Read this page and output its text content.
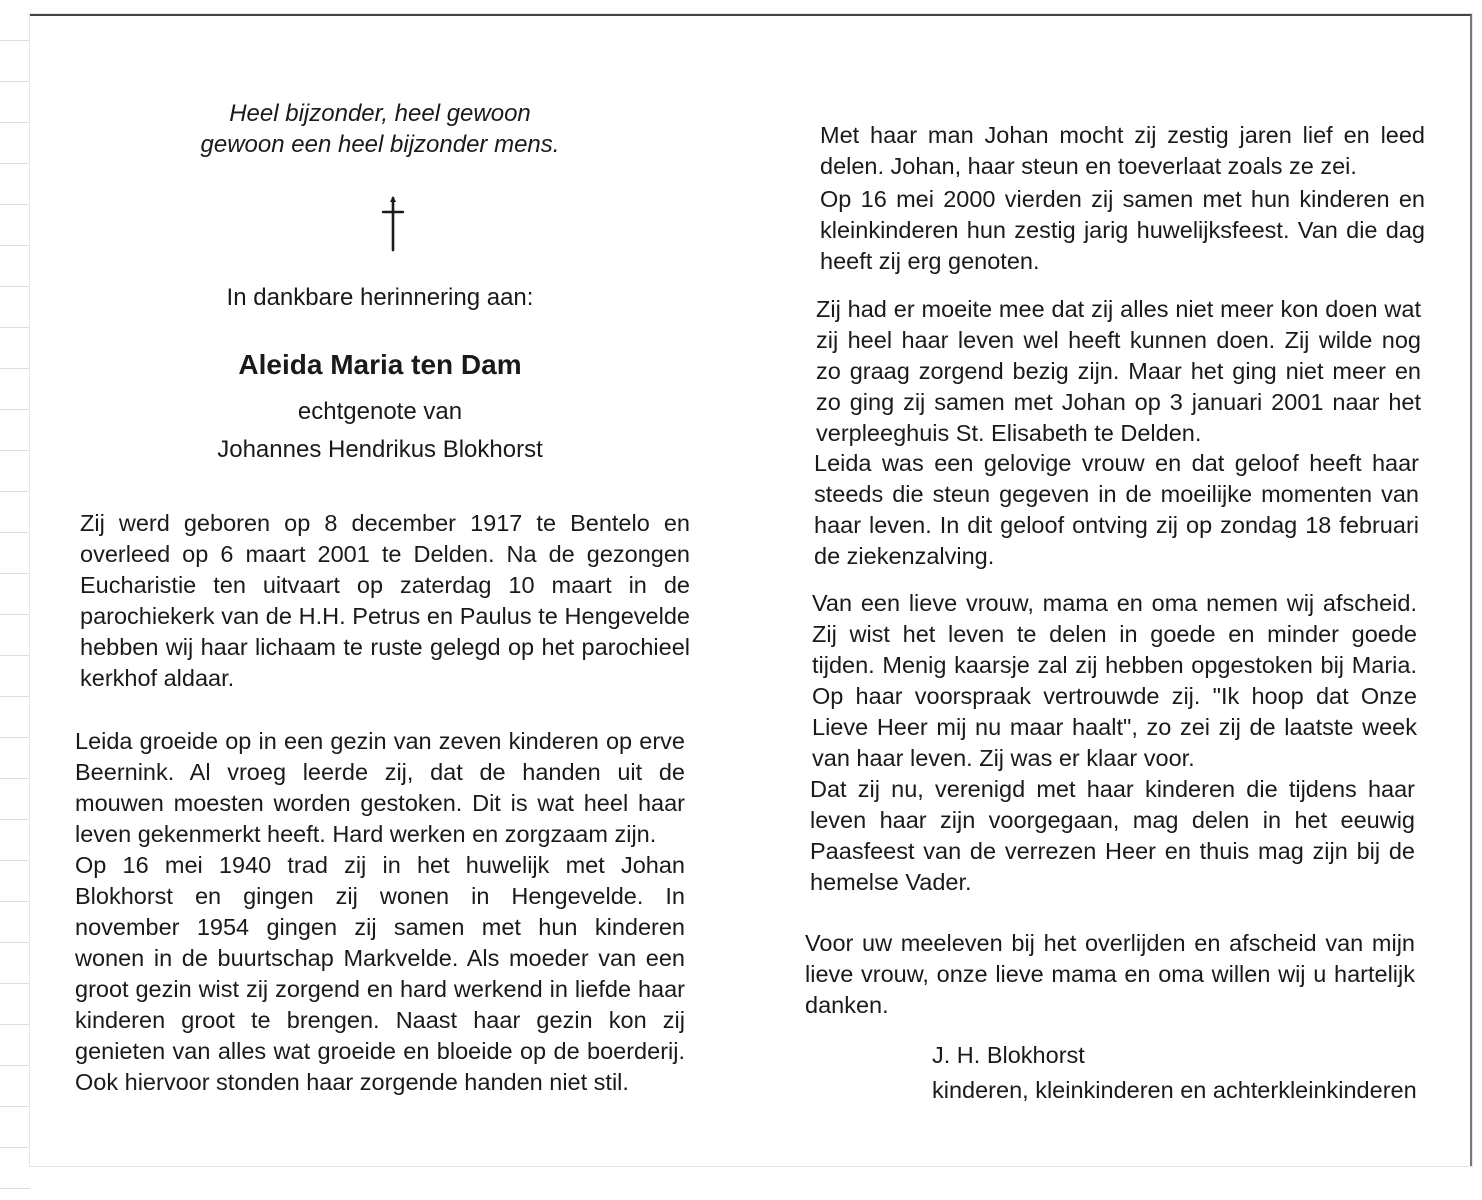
Heel bijzonder, heel gewoon
gewoon een heel bijzonder mens.
In dankbare herinnering aan:
Aleida Maria ten Dam
echtgenote van
Johannes Hendrikus Blokhorst

Zij werd geboren op 8 december 1917 te Bentelo en overleed op 6 maart 2001 te Delden. Na de gezongen Eucharistie ten uitvaart op zaterdag 10 maart in de parochiekerk van de H.H. Petrus en Paulus te Hengevelde hebben wij haar lichaam te ruste gelegd op het parochieel kerkhof aldaar.

Leida groeide op in een gezin van zeven kinderen op erve Beernink. Al vroeg leerde zij, dat de handen uit de mouwen moesten worden gestoken. Dit is wat heel haar leven gekenmerkt heeft. Hard werken en zorgzaam zijn.

Op 16 mei 1940 trad zij in het huwelijk met Johan Blokhorst en gingen zij wonen in Hengevelde. In november 1954 gingen zij samen met hun kinderen wonen in de buurtschap Markvelde. Als moeder van een groot gezin wist zij zorgend en hard werkend in liefde haar kinderen groot te brengen. Naast haar gezin kon zij genieten van alles wat groeide en bloeide op de boerderij. Ook hiervoor stonden haar zorgende handen niet stil.

Met haar man Johan mocht zij zestig jaren lief en leed delen. Johan, haar steun en toeverlaat zoals ze zei.

Op 16 mei 2000 vierden zij samen met hun kinderen en kleinkinderen hun zestig jarig huwelijksfeest. Van die dag heeft zij erg genoten.

Zij had er moeite mee dat zij alles niet meer kon doen wat zij heel haar leven wel heeft kunnen doen. Zij wilde nog zo graag zorgend bezig zijn. Maar het ging niet meer en zo ging zij samen met Johan op 3 januari 2001 naar het verpleeghuis St. Elisabeth te Delden.

Leida was een gelovige vrouw en dat geloof heeft haar steeds die steun gegeven in de moeilijke momenten van haar leven. In dit geloof ontving zij op zondag 18 februari de ziekenzalving.

Van een lieve vrouw, mama en oma nemen wij afscheid. Zij wist het leven te delen in goede en minder goede tijden. Menig kaarsje zal zij hebben opgestoken bij Maria. Op haar voorspraak vertrouwde zij. "Ik hoop dat Onze Lieve Heer mij nu maar haalt", zo zei zij de laatste week van haar leven. Zij was er klaar voor.

Dat zij nu, verenigd met haar kinderen die tijdens haar leven haar zijn voorgegaan, mag delen in het eeuwig Paasfeest van de verrezen Heer en thuis mag zijn bij de hemelse Vader.

Voor uw meeleven bij het overlijden en afscheid van mijn lieve vrouw, onze lieve mama en oma willen wij u hartelijk danken.

J. H. Blokhorst
kinderen, kleinkinderen en achterkleinkinderen
